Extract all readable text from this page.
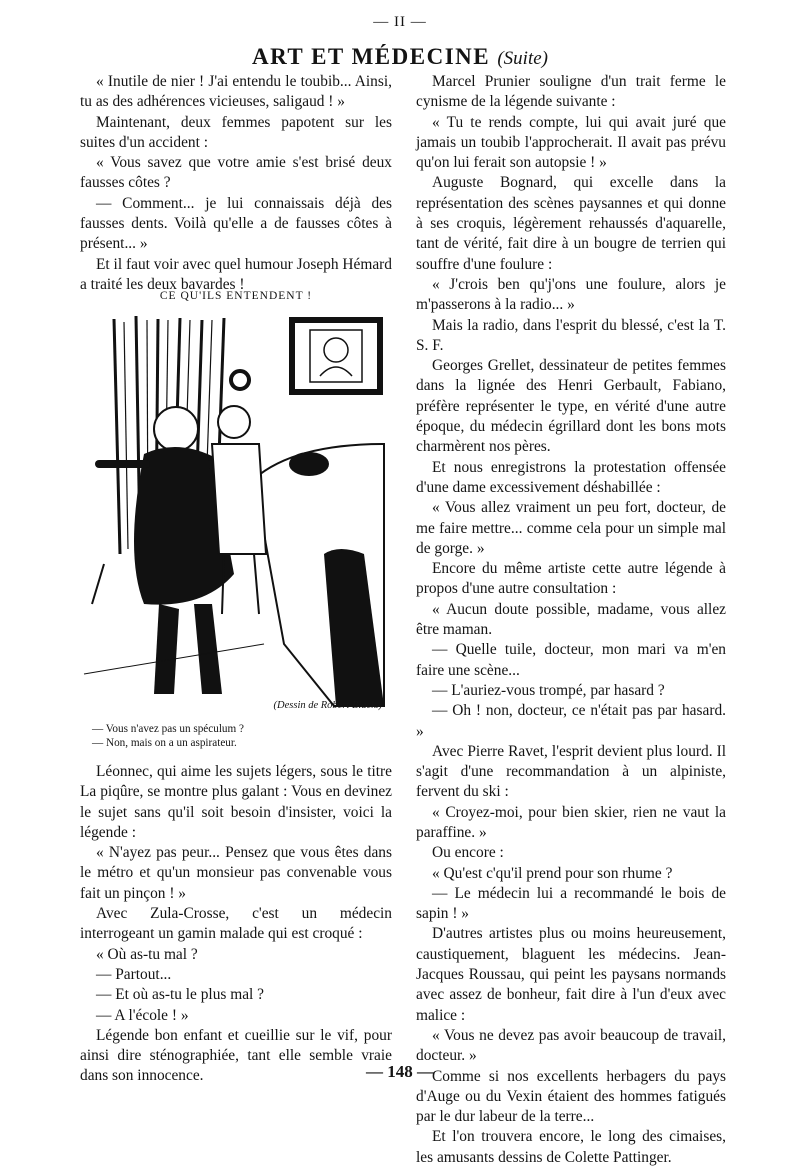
— II —
ART ET MÉDECINE (Suite)

« Inutile de nier ! J'ai entendu le toubib... Ainsi, tu as des adhérences vicieuses, saligaud ! »

Maintenant, deux femmes papotent sur les suites d'un accident :

« Vous savez que votre amie s'est brisé deux fausses côtes ?

— Comment... je lui connaissais déjà des fausses dents. Voilà qu'elle a de fausses côtes à présent... »

Et il faut voir avec quel humour Joseph Hémard a traité les deux bavardes !

CE QU'ILS ENTENDENT !
(Dessin de Robert Black.)
— Vous n'avez pas un spéculum ?
— Non, mais on a un aspirateur.

Léonnec, qui aime les sujets légers, sous le titre La piqûre, se montre plus galant : Vous en devinez le sujet sans qu'il soit besoin d'insister, voici la légende :

« N'ayez pas peur... Pensez que vous êtes dans le métro et qu'un monsieur pas convenable vous fait un pinçon ! »

Avec Zula-Crosse, c'est un médecin interrogeant un gamin malade qui est croqué :

« Où as-tu mal ?

— Partout...

— Et où as-tu le plus mal ?

— A l'école ! »

Légende bon enfant et cueillie sur le vif, pour ainsi dire sténographiée, tant elle semble vraie dans son innocence.

Marcel Prunier souligne d'un trait ferme le cynisme de la légende suivante :

« Tu te rends compte, lui qui avait juré que jamais un toubib l'approcherait. Il avait pas prévu qu'on lui ferait son autopsie ! »

Auguste Bognard, qui excelle dans la représentation des scènes paysannes et qui donne à ses croquis, légèrement rehaussés d'aquarelle, tant de vérité, fait dire à un bougre de terrien qui souffre d'une foulure :

« J'crois ben qu'j'ons une foulure, alors je m'passerons à la radio... »

Mais la radio, dans l'esprit du blessé, c'est la T. S. F.

Georges Grellet, dessinateur de petites femmes dans la lignée des Henri Gerbault, Fabiano, préfère représenter le type, en vérité d'une autre époque, du médecin égrillard dont les bons mots charmèrent nos pères.

Et nous enregistrons la protestation offensée d'une dame excessivement déshabillée :

« Vous allez vraiment un peu fort, docteur, de me faire mettre... comme cela pour un simple mal de gorge. »

Encore du même artiste cette autre légende à propos d'une autre consultation :

« Aucun doute possible, madame, vous allez être maman.

— Quelle tuile, docteur, mon mari va m'en faire une scène...

— L'auriez-vous trompé, par hasard ?

— Oh ! non, docteur, ce n'était pas par hasard. »

Avec Pierre Ravet, l'esprit devient plus lourd. Il s'agit d'une recommandation à un alpiniste, fervent du ski :

« Croyez-moi, pour bien skier, rien ne vaut la paraffine. »

Ou encore :

« Qu'est c'qu'il prend pour son rhume ?

— Le médecin lui a recommandé le bois de sapin ! »

D'autres artistes plus ou moins heureusement, caustiquement, blaguent les médecins. Jean-Jacques Roussau, qui peint les paysans normands avec assez de bonheur, fait dire à l'un d'eux avec malice :

« Vous ne devez pas avoir beaucoup de travail, docteur. »

Comme si nos excellents herbagers du pays d'Auge ou du Vexin étaient des hommes fatigués par le dur labeur de la terre...

Et l'on trouvera encore, le long des cimaises, les amusants dessins de Colette Pattinger.

— 148 —
